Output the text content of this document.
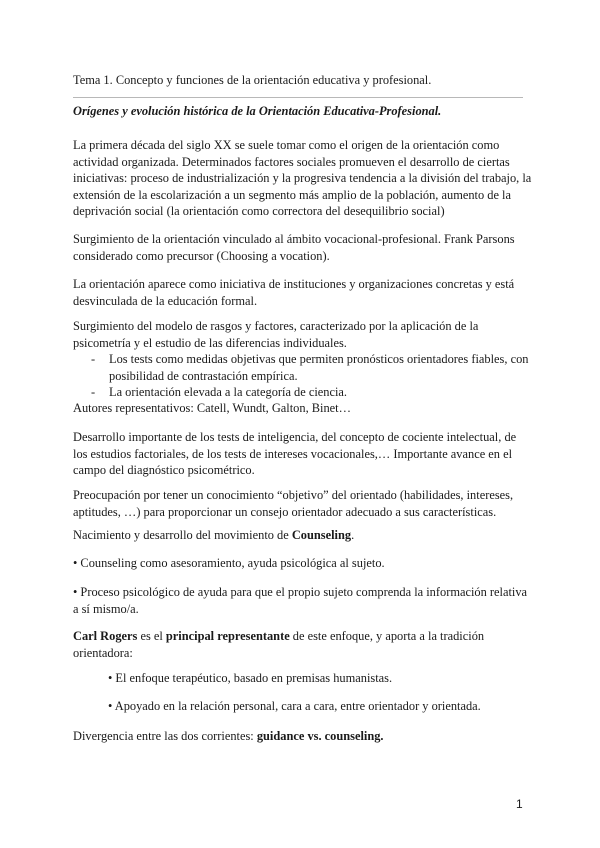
Tema 1. Concepto y funciones de la orientación educativa y profesional.
Orígenes y evolución histórica de la Orientación Educativa-Profesional.
La primera década del siglo XX se suele tomar como el origen de la orientación como actividad organizada. Determinados factores sociales promueven el desarrollo de ciertas iniciativas: proceso de industrialización y la progresiva tendencia a la división del trabajo, la extensión de la escolarización a un segmento más amplio de la población, aumento de la deprivación social (la orientación como correctora del desequilibrio social)
Surgimiento de la orientación vinculado al ámbito vocacional-profesional. Frank Parsons considerado como precursor (Choosing a vocation).
La orientación aparece como iniciativa de instituciones y organizaciones concretas y está desvinculada de la educación formal.
Surgimiento del modelo de rasgos y factores, caracterizado por la aplicación de la psicometría y el estudio de las diferencias individuales.
- Los tests como medidas objetivas que permiten pronósticos orientadores fiables, con posibilidad de contrastación empírica.
- La orientación elevada a la categoría de ciencia.
Autores representativos: Catell, Wundt, Galton, Binet…
Desarrollo importante de los tests de inteligencia, del concepto de cociente intelectual, de los estudios factoriales, de los tests de intereses vocacionales,… Importante avance en el campo del diagnóstico psicométrico.
Preocupación por tener un conocimiento “objetivo” del orientado (habilidades, intereses, aptitudes, …) para proporcionar un consejo orientador adecuado a sus características.
Nacimiento y desarrollo del movimiento de Counseling.
• Counseling como asesoramiento, ayuda psicológica al sujeto.
• Proceso psicológico de ayuda para que el propio sujeto comprenda la información relativa a sí mismo/a.
Carl Rogers es el principal representante de este enfoque, y aporta a la tradición orientadora:
• El enfoque terapéutico, basado en premisas humanistas.
• Apoyado en la relación personal, cara a cara, entre orientador y orientada.
Divergencia entre las dos corrientes: guidance vs. counseling.
1
